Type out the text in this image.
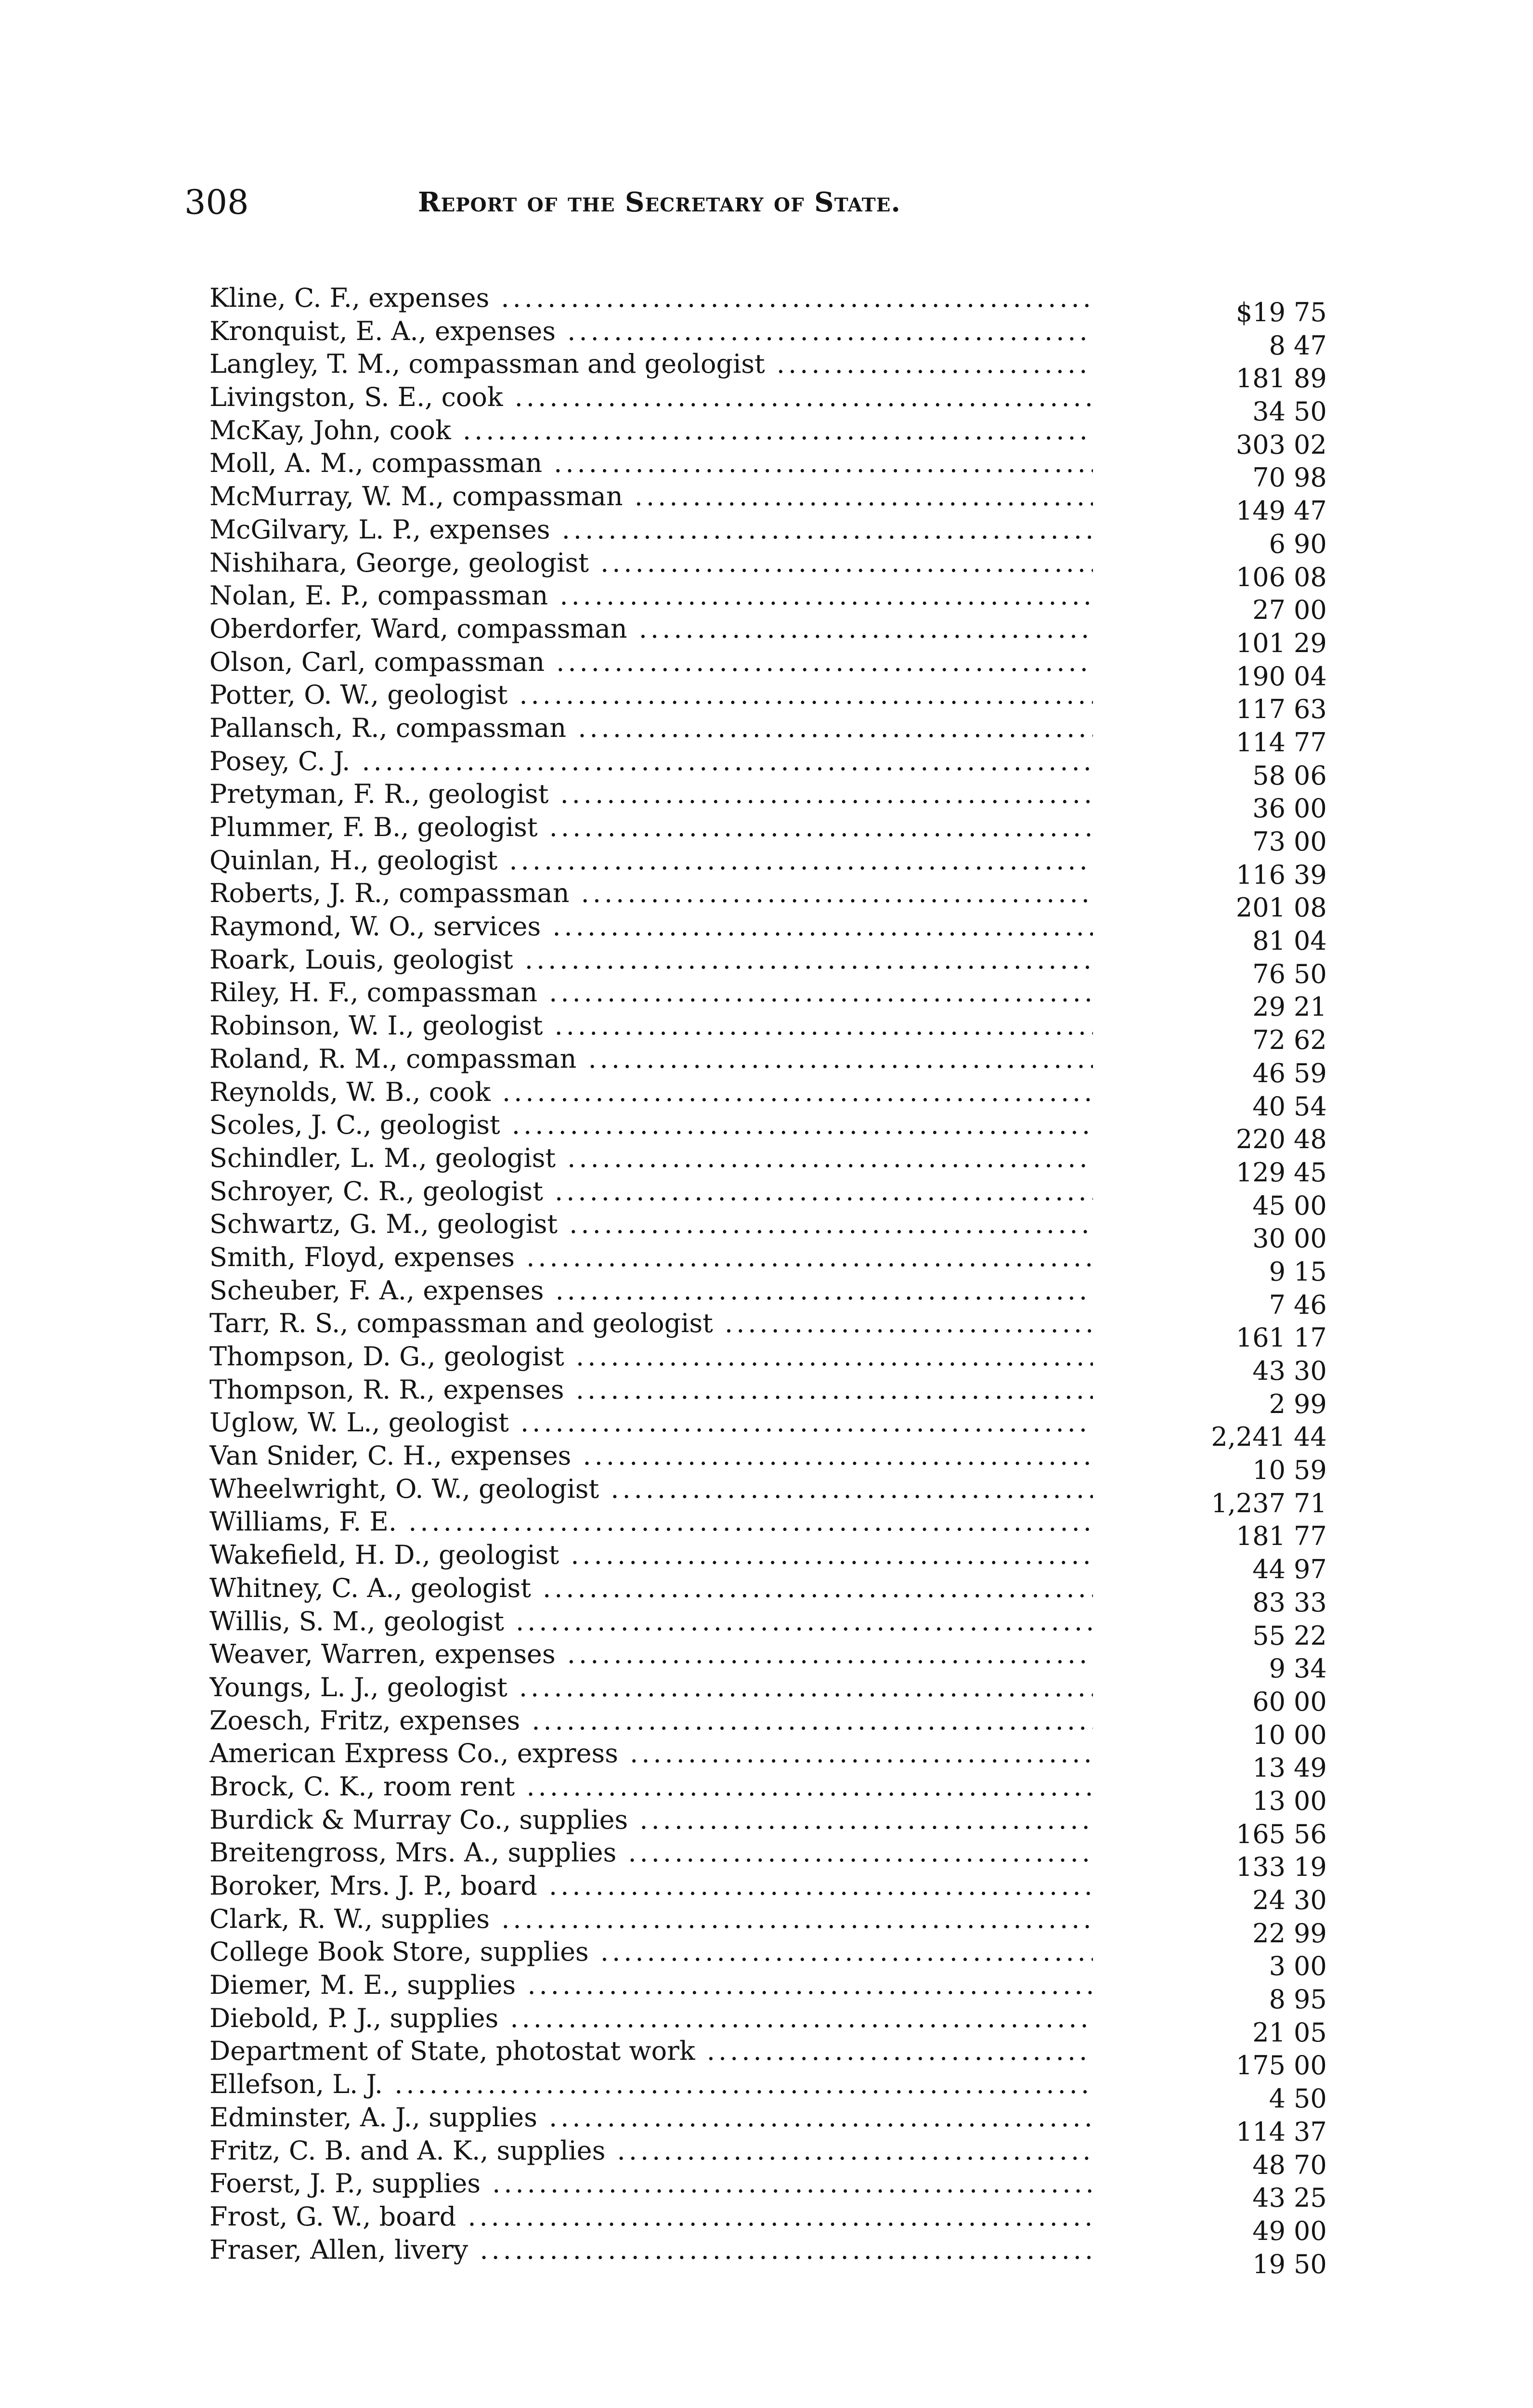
308	Report of the Secretary of State.
Kline, C. F., expenses .....	$19 75
Kronquist, E. A., expenses .....	8 47
Langley, T. M., compassman and geologist .....	181 89
Livingston, S. E., cook .....	34 50
McKay, John, cook .....	303 02
Moll, A. M., compassman .....	70 98
McMurray, W. M., compassman .....	149 47
McGilvary, L. P., expenses .....	6 90
Nishihara, George, geologist .....	106 08
Nolan, E. P., compassman .....	27 00
Oberdorfer, Ward, compassman .....	101 29
Olson, Carl, compassman .....	190 04
Potter, O. W., geologist .....	117 63
Pallansch, R., compassman .....	114 77
Posey, C. J. .....	58 06
Pretyman, F. R., geologist .....	36 00
Plummer, F. B., geologist .....	73 00
Quinlan, H., geologist .....	116 39
Roberts, J. R., compassman .....	201 08
Raymond, W. O., services .....	81 04
Roark, Louis, geologist .....	76 50
Riley, H. F., compassman .....	29 21
Robinson, W. I., geologist .....	72 62
Roland, R. M., compassman .....	46 59
Reynolds, W. B., cook .....	40 54
Scoles, J. C., geologist .....	220 48
Schindler, L. M., geologist .....	129 45
Schroyer, C. R., geologist .....	45 00
Schwartz, G. M., geologist .....	30 00
Smith, Floyd, expenses .....	9 15
Scheuber, F. A., expenses .....	7 46
Tarr, R. S., compassman and geologist .....	161 17
Thompson, D. G., geologist .....	43 30
Thompson, R. R., expenses .....	2 99
Uglow, W. L., geologist .....	2,241 44
Van Snider, C. H., expenses .....	10 59
Wheelwright, O. W., geologist .....	1,237 71
Williams, F. E. .....	181 77
Wakefield, H. D., geologist .....	44 97
Whitney, C. A., geologist .....	83 33
Willis, S. M., geologist .....	55 22
Weaver, Warren, expenses .....	9 34
Youngs, L. J., geologist .....	60 00
Zoesch, Fritz, expenses .....	10 00
American Express Co., express .....	13 49
Brock, C. K., room rent .....	13 00
Burdick & Murray Co., supplies .....	165 56
Breitengross, Mrs. A., supplies .....	133 19
Boroker, Mrs. J. P., board .....	24 30
Clark, R. W., supplies .....	22 99
College Book Store, supplies .....	3 00
Diemer, M. E., supplies .....	8 95
Diebold, P. J., supplies .....	21 05
Department of State, photostat work .....	175 00
Ellefson, L. J. .....	4 50
Edminster, A. J., supplies .....	114 37
Fritz, C. B. and A. K., supplies .....	48 70
Foerst, J. P., supplies .....	43 25
Frost, G. W., board .....	49 00
Fraser, Allen, livery .....	19 50
